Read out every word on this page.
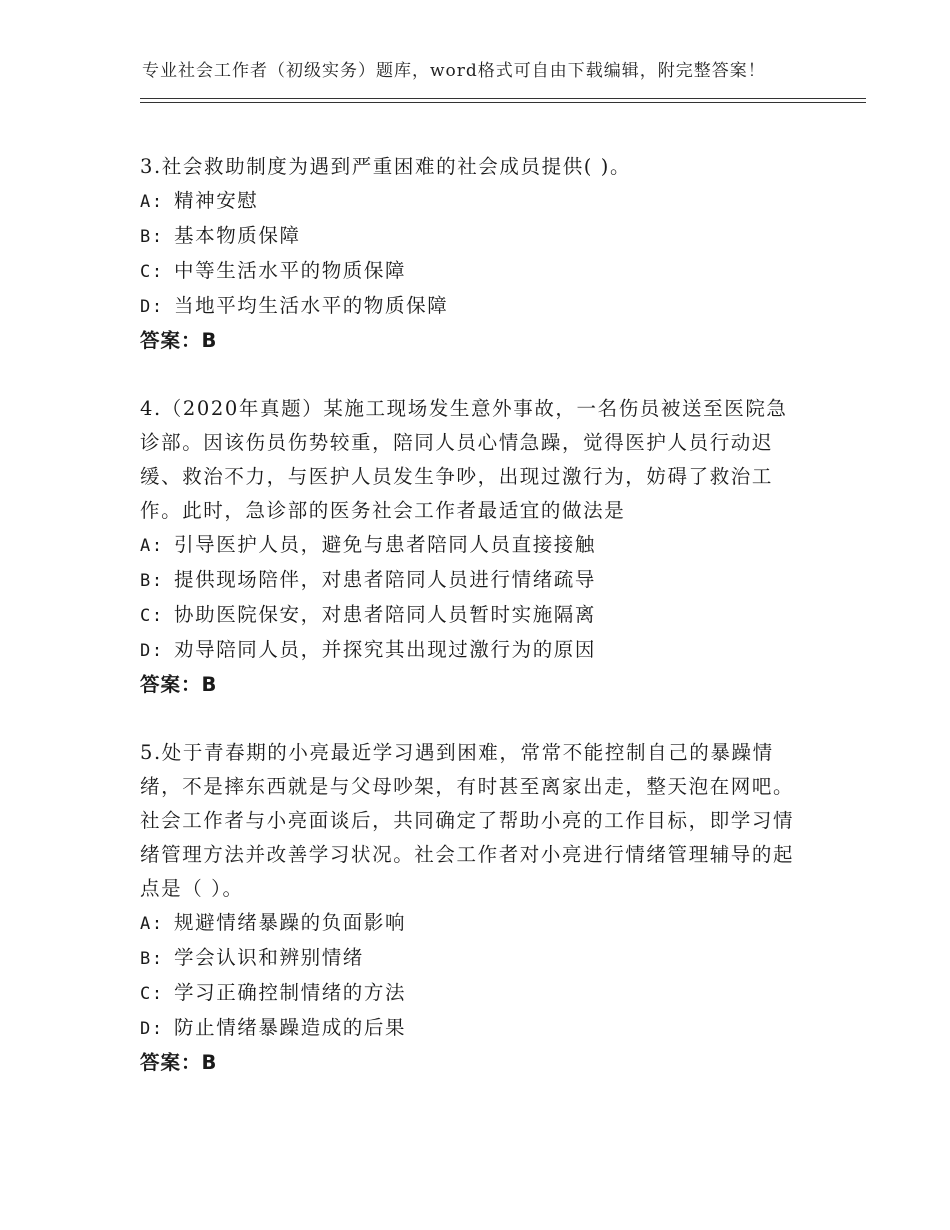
专业社会工作者（初级实务）题库，word格式可自由下载编辑，附完整答案！

3.社会救助制度为遇到严重困难的社会成员提供( )。

A: 精神安慰

B: 基本物质保障

C: 中等生活水平的物质保障

D: 当地平均生活水平的物质保障

答案：B

4.（2020年真题）某施工现场发生意外事故，一名伤员被送至医院急诊部。因该伤员伤势较重，陪同人员心情急躁，觉得医护人员行动迟缓、救治不力，与医护人员发生争吵，出现过激行为，妨碍了救治工作。此时，急诊部的医务社会工作者最适宜的做法是

A: 引导医护人员，避免与患者陪同人员直接接触

B: 提供现场陪伴，对患者陪同人员进行情绪疏导

C: 协助医院保安，对患者陪同人员暂时实施隔离

D: 劝导陪同人员，并探究其出现过激行为的原因

答案：B

5.处于青春期的小亮最近学习遇到困难，常常不能控制自己的暴躁情绪，不是摔东西就是与父母吵架，有时甚至离家出走，整天泡在网吧。社会工作者与小亮面谈后，共同确定了帮助小亮的工作目标，即学习情绪管理方法并改善学习状况。社会工作者对小亮进行情绪管理辅导的起点是（ ）。

A: 规避情绪暴躁的负面影响

B: 学会认识和辨别情绪

C: 学习正确控制情绪的方法

D: 防止情绪暴躁造成的后果

答案：B
